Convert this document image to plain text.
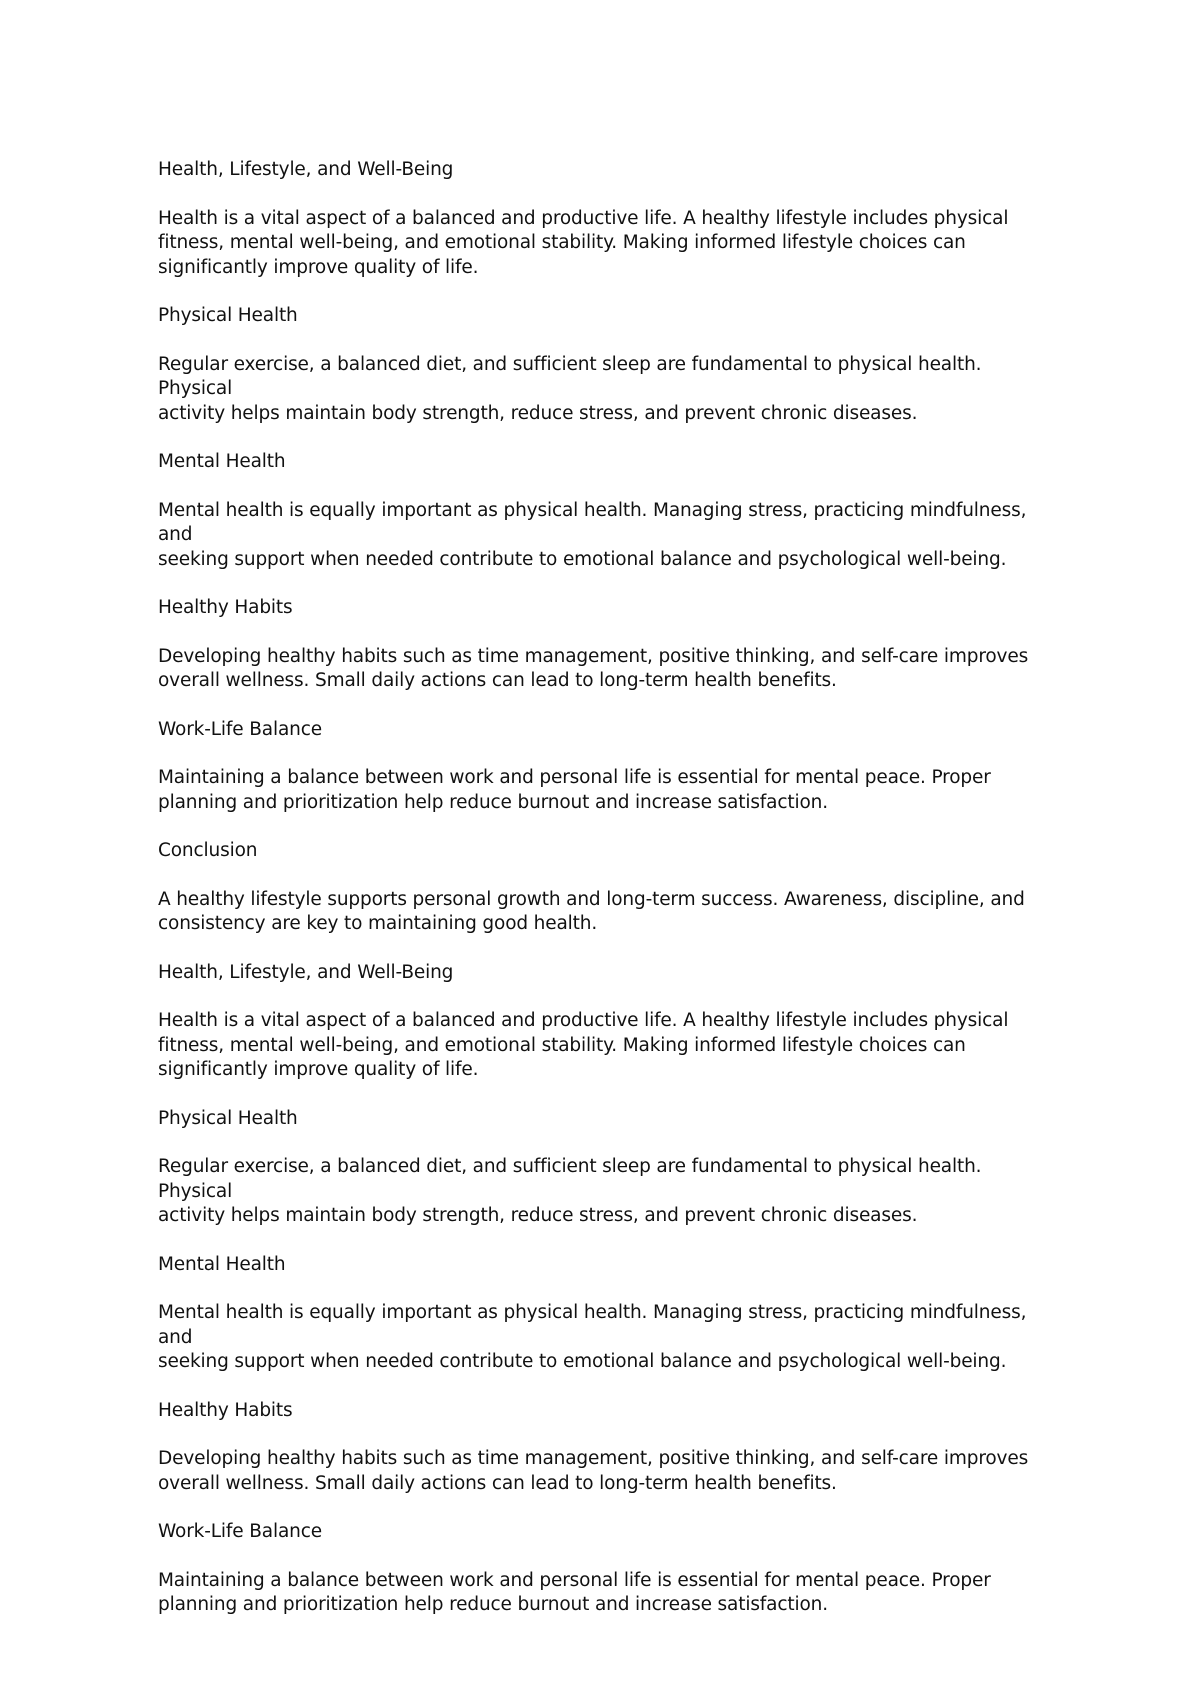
Health, Lifestyle, and Well-Being
Health is a vital aspect of a balanced and productive life. A healthy lifestyle includes physical
fitness, mental well-being, and emotional stability. Making informed lifestyle choices can
significantly improve quality of life.
Physical Health
Regular exercise, a balanced diet, and sufficient sleep are fundamental to physical health. Physical
activity helps maintain body strength, reduce stress, and prevent chronic diseases.
Mental Health
Mental health is equally important as physical health. Managing stress, practicing mindfulness, and
seeking support when needed contribute to emotional balance and psychological well-being.
Healthy Habits
Developing healthy habits such as time management, positive thinking, and self-care improves
overall wellness. Small daily actions can lead to long-term health benefits.
Work-Life Balance
Maintaining a balance between work and personal life is essential for mental peace. Proper
planning and prioritization help reduce burnout and increase satisfaction.
Conclusion
A healthy lifestyle supports personal growth and long-term success. Awareness, discipline, and
consistency are key to maintaining good health.
Health, Lifestyle, and Well-Being
Health is a vital aspect of a balanced and productive life. A healthy lifestyle includes physical
fitness, mental well-being, and emotional stability. Making informed lifestyle choices can
significantly improve quality of life.
Physical Health
Regular exercise, a balanced diet, and sufficient sleep are fundamental to physical health. Physical
activity helps maintain body strength, reduce stress, and prevent chronic diseases.
Mental Health
Mental health is equally important as physical health. Managing stress, practicing mindfulness, and
seeking support when needed contribute to emotional balance and psychological well-being.
Healthy Habits
Developing healthy habits such as time management, positive thinking, and self-care improves
overall wellness. Small daily actions can lead to long-term health benefits.
Work-Life Balance
Maintaining a balance between work and personal life is essential for mental peace. Proper
planning and prioritization help reduce burnout and increase satisfaction.
